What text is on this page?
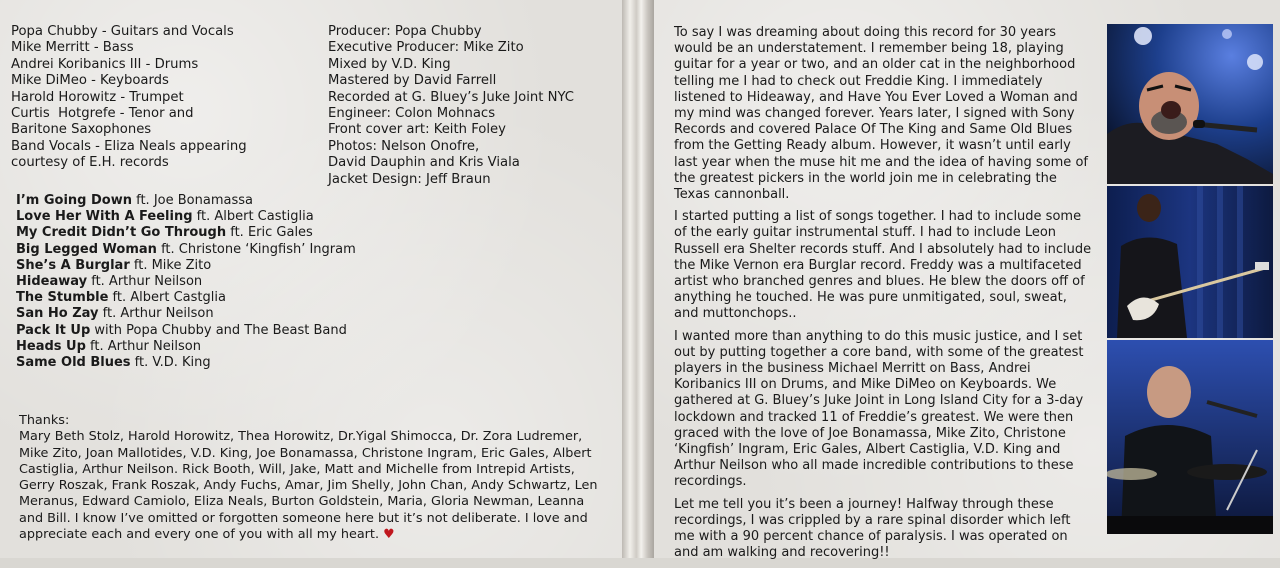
Popa Chubby - Guitars and Vocals
Mike Merritt - Bass
Andrei Koribanics III - Drums
Mike DiMeo - Keyboards
Harold Horowitz - Trumpet
Curtis  Hotgrefe - Tenor and
Baritone Saxophones
Band Vocals - Eliza Neals appearing
courtesy of E.H. records
Producer: Popa Chubby
Executive Producer: Mike Zito
Mixed by V.D. King
Mastered by David Farrell
Recorded at G. Bluey’s Juke Joint NYC
Engineer: Colon Mohnacs
Front cover art: Keith Foley
Photos: Nelson Onofre,
David Dauphin and Kris Viala
Jacket Design: Jeff Braun
I’m Going Down ft. Joe Bonamassa
Love Her With A Feeling ft. Albert Castiglia
My Credit Didn’t Go Through ft. Eric Gales
Big Legged Woman ft. Christone ‘Kingfish’ Ingram
She’s A Burglar ft. Mike Zito
Hideaway ft. Arthur Neilson
The Stumble ft. Albert Castglia
San Ho Zay ft. Arthur Neilson
Pack It Up with Popa Chubby and The Beast Band
Heads Up ft. Arthur Neilson
Same Old Blues ft. V.D. King
Thanks:

Mary Beth Stolz, Harold Horowitz, Thea Horowitz, Dr.Yigal Shimocca, Dr. Zora Ludremer, Mike Zito, Joan Mallotides, V.D. King, Joe Bonamassa, Christone Ingram, Eric Gales, Albert Castiglia, Arthur Neilson. Rick Booth, Will, Jake, Matt and Michelle from Intrepid Artists, Gerry Roszak, Frank Roszak, Andy Fuchs, Amar, Jim Shelly, John Chan, Andy Schwartz, Len Meranus, Edward Camiolo, Eliza Neals, Burton Goldstein, Maria, Gloria Newman, Leanna and Bill. I know I’ve omitted or forgotten someone here but it’s not deliberate. I love and appreciate each and every one of you with all my heart. ♥

To say I was dreaming about doing this record for 30 years would be an understatement. I remember being 18, playing guitar for a year or two, and an older cat in the neighborhood telling me I had to check out Freddie King. I immediately listened to Hideaway, and Have You Ever Loved a Woman and my mind was changed forever. Years later, I signed with Sony Records and covered Palace Of The King and Same Old Blues from the Getting Ready album. However, it wasn’t until early last year when the muse hit me and the idea of having some of the greatest pickers in the world join me in celebrating the Texas cannonball.

I started putting a list of songs together. I had to include some of the early guitar instrumental stuff. I had to include Leon Russell era Shelter records stuff. And I absolutely had to include the Mike Vernon era Burglar record. Freddy was a multifaceted artist who branched genres and blues. He blew the doors off of anything he touched. He was pure unmitigated, soul, sweat, and muttonchops..

I wanted more than anything to do this music justice, and I set out by putting together a core band, with some of the greatest players in the business Michael Merritt on Bass, Andrei Koribanics III on Drums, and Mike DiMeo on Keyboards. We gathered at G. Bluey’s Juke Joint in Long Island City for a 3-day lockdown and tracked 11 of Freddie’s greatest. We were then graced with the love of Joe Bonamassa, Mike Zito, Christone ‘Kingfish’ Ingram, Eric Gales, Albert Castiglia, V.D. King and Arthur Neilson who all made incredible contributions to these recordings.

Let me tell you it’s been a journey! Halfway through these recordings, I was crippled by a rare spinal disorder which left me with a 90 percent chance of paralysis. I was operated on and am walking and recovering!!
